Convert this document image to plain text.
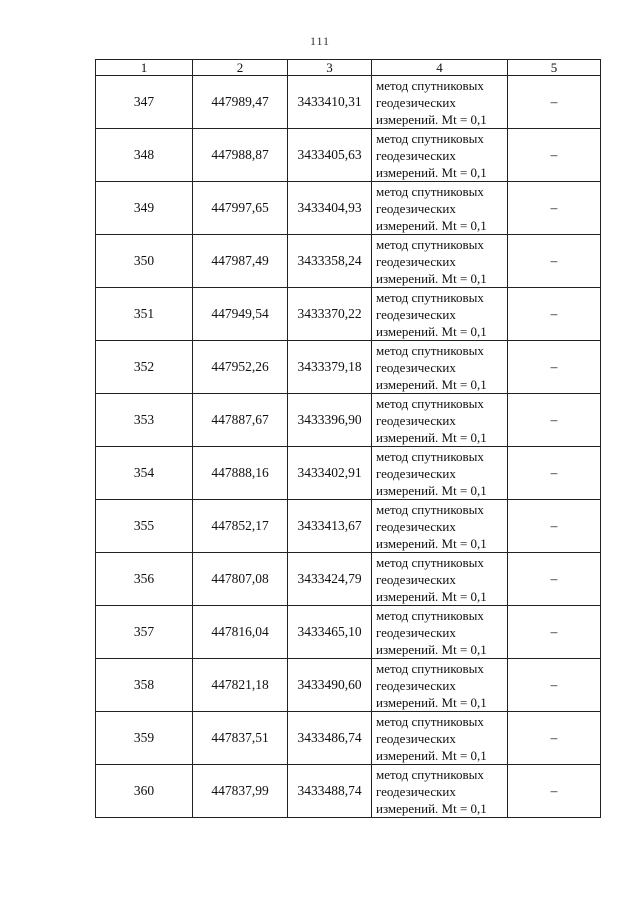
111
1	2	3	4	5
347	447989,47	3433410,31	метод спутниковых
геодезических
измерений. Mt = 0,1	–
348	447988,87	3433405,63	метод спутниковых
геодезических
измерений. Mt = 0,1	–
349	447997,65	3433404,93	метод спутниковых
геодезических
измерений. Mt = 0,1	–
350	447987,49	3433358,24	метод спутниковых
геодезических
измерений. Mt = 0,1	–
351	447949,54	3433370,22	метод спутниковых
геодезических
измерений. Mt = 0,1	–
352	447952,26	3433379,18	метод спутниковых
геодезических
измерений. Mt = 0,1	–
353	447887,67	3433396,90	метод спутниковых
геодезических
измерений. Mt = 0,1	–
354	447888,16	3433402,91	метод спутниковых
геодезических
измерений. Mt = 0,1	–
355	447852,17	3433413,67	метод спутниковых
геодезических
измерений. Mt = 0,1	–
356	447807,08	3433424,79	метод спутниковых
геодезических
измерений. Mt = 0,1	–
357	447816,04	3433465,10	метод спутниковых
геодезических
измерений. Mt = 0,1	–
358	447821,18	3433490,60	метод спутниковых
геодезических
измерений. Mt = 0,1	–
359	447837,51	3433486,74	метод спутниковых
геодезических
измерений. Mt = 0,1	–
360	447837,99	3433488,74	метод спутниковых
геодезических
измерений. Mt = 0,1	–
